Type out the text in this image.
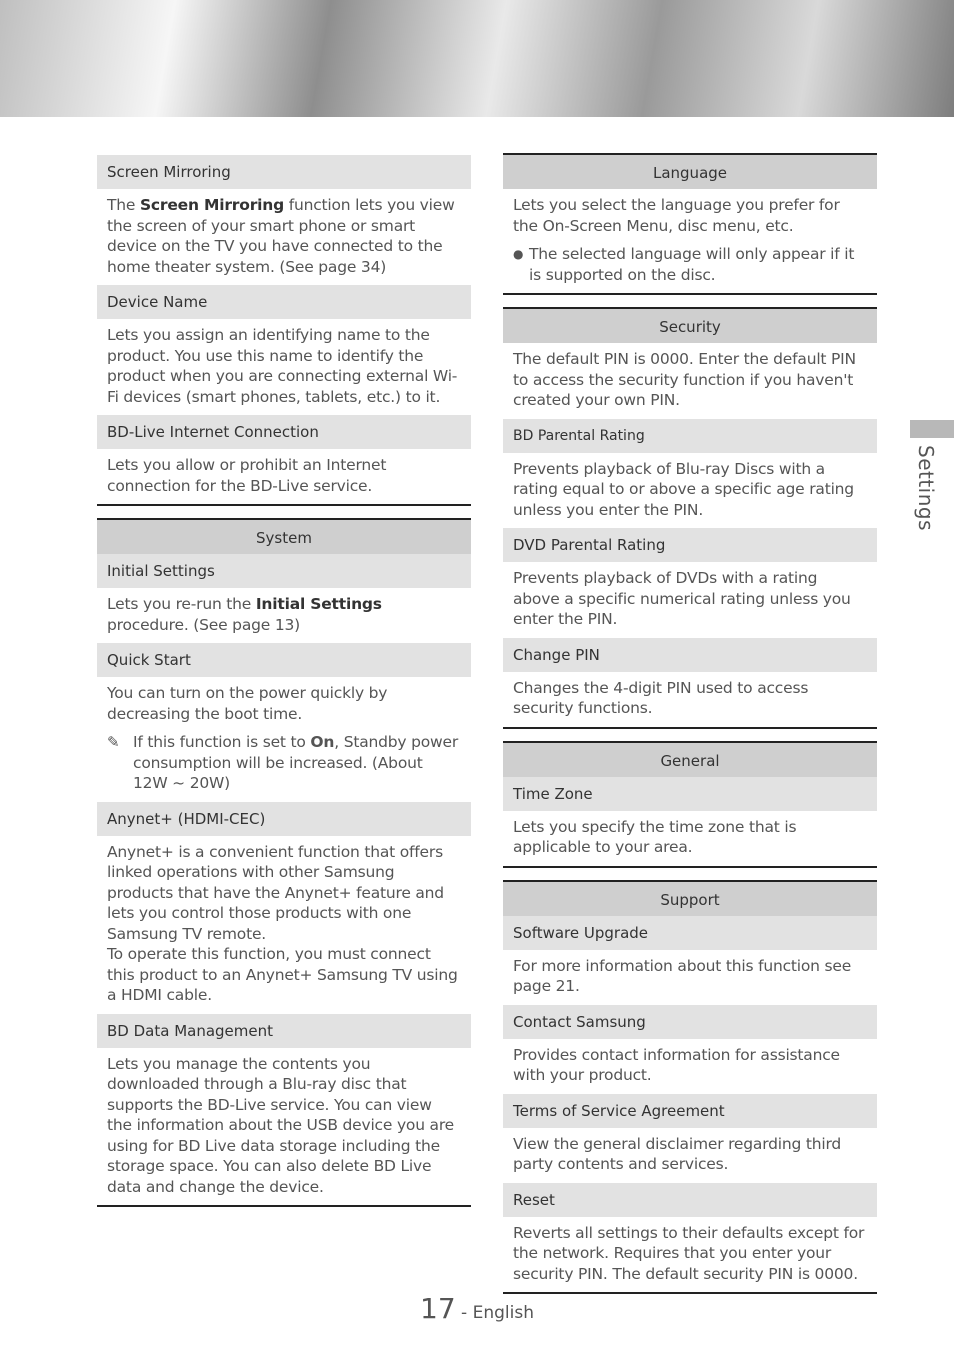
Screen Mirroring
The Screen Mirroring function lets you view the screen of your smart phone or smart device on the TV you have connected to the home theater system. (See page 34)
Device Name
Lets you assign an identifying name to the product. You use this name to identify the product when you are connecting external Wi-Fi devices (smart phones, tablets, etc.) to it.
BD-Live Internet Connection
Lets you allow or prohibit an Internet connection for the BD-Live service.
System
Initial Settings
Lets you re-run the Initial Settings procedure. (See page 13)
Quick Start
You can turn on the power quickly by decreasing the boot time.
✎ If this function is set to On, Standby power consumption will be increased. (About 12W ~ 20W)
Anynet+ (HDMI-CEC)
Anynet+ is a convenient function that offers linked operations with other Samsung products that have the Anynet+ feature and lets you control those products with one Samsung TV remote.
To operate this function, you must connect this product to an Anynet+ Samsung TV using a HDMI cable.
BD Data Management
Lets you manage the contents you downloaded through a Blu-ray disc that supports the BD-Live service. You can view the information about the USB device you are using for BD Live data storage including the storage space. You can also delete BD Live data and change the device.
Language
Lets you select the language you prefer for the On-Screen Menu, disc menu, etc.
● The selected language will only appear if it is supported on the disc.
Security
The default PIN is 0000. Enter the default PIN to access the security function if you haven't created your own PIN.
BD Parental Rating
Prevents playback of Blu-ray Discs with a rating equal to or above a specific age rating unless you enter the PIN.
DVD Parental Rating
Prevents playback of DVDs with a rating above a specific numerical rating unless you enter the PIN.
Change PIN
Changes the 4-digit PIN used to access security functions.
General
Time Zone
Lets you specify the time zone that is applicable to your area.
Support
Software Upgrade
For more information about this function see page 21.
Contact Samsung
Provides contact information for assistance with your product.
Terms of Service Agreement
View the general disclaimer regarding third party contents and services.
Reset
Reverts all settings to their defaults except for the network. Requires that you enter your security PIN. The default security PIN is 0000.
Settings
17 - English
